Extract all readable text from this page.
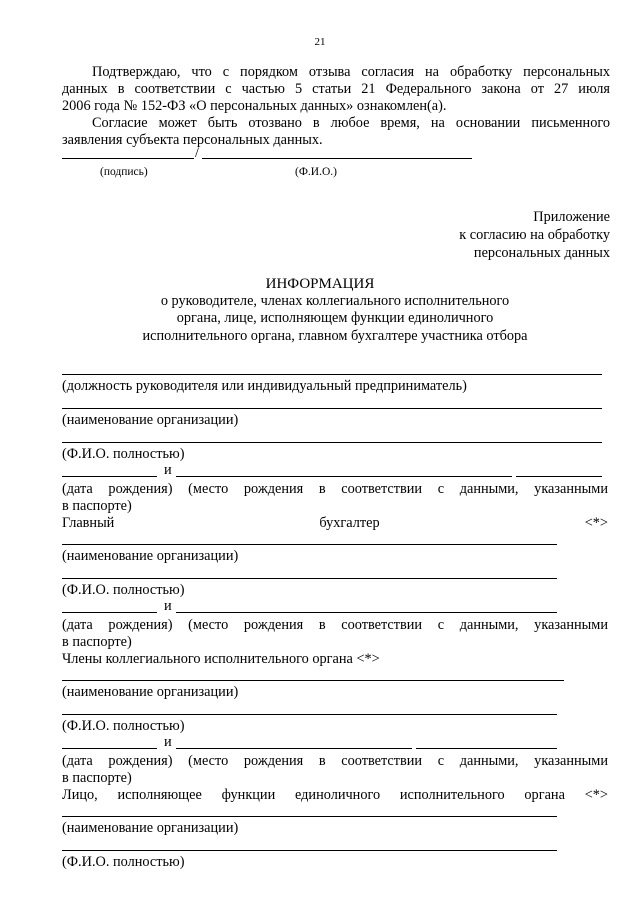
21
Подтверждаю, что с порядком отзыва согласия на обработку персональных
данных в соответствии с частью 5 статьи 21 Федерального закона от 27 июля
2006 года № 152-ФЗ «О персональных данных» ознакомлен(а).
Согласие может быть отозвано в любое время, на основании письменного
заявления субъекта персональных данных.
/
(подпись)	(Ф.И.О.)
Приложение
к согласию на обработку
персональных данных
ИНФОРМАЦИЯ
о руководителе, членах коллегиального исполнительного
органа, лице, исполняющем функции единоличного
исполнительного органа, главном бухгалтере участника отбора
(должность руководителя или индивидуальный предприниматель)
(наименование организации)
(Ф.И.О. полностью)
и
(дата рождения) (место рождения в соответствии с данными, указанными
в паспорте)
Главный	бухгалтер	<*>
(наименование организации)
(Ф.И.О. полностью)
и
(дата рождения) (место рождения в соответствии с данными, указанными
в паспорте)
Члены коллегиального исполнительного органа <*>
(наименование организации)
(Ф.И.О. полностью)
и
(дата рождения) (место рождения в соответствии с данными, указанными
в паспорте)
Лицо, исполняющее функции единоличного исполнительного органа <*>
(наименование организации)
(Ф.И.О. полностью)
